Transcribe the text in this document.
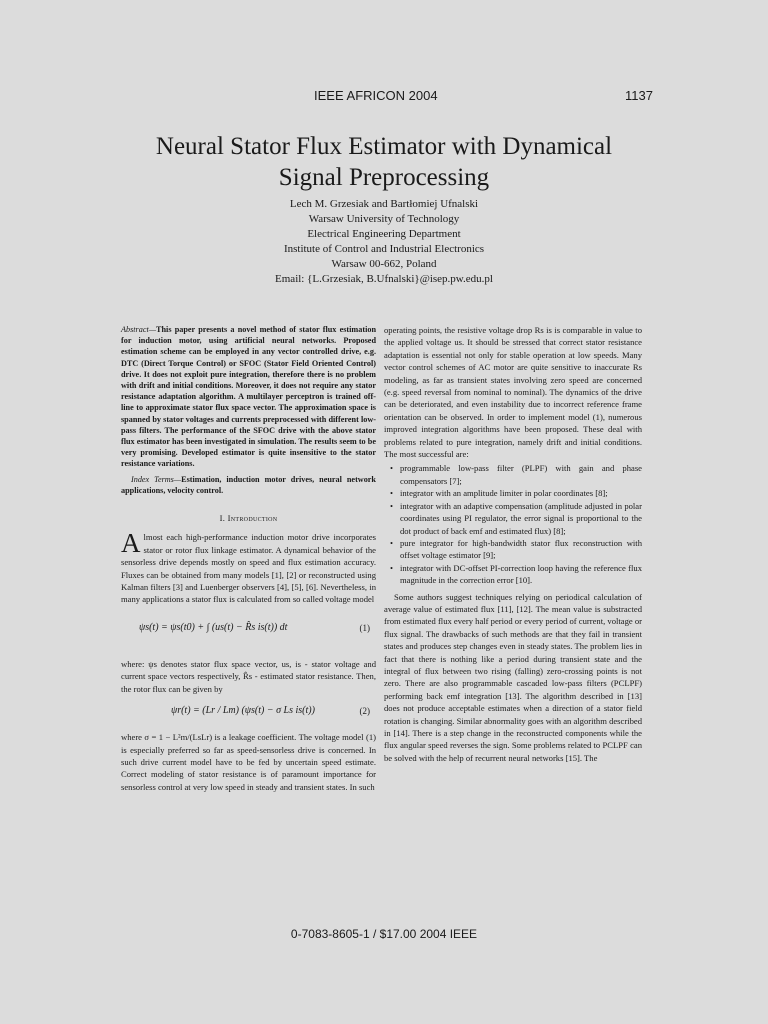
IEEE AFRICON 2004	1137
Neural Stator Flux Estimator with Dynamical
Signal Preprocessing
Lech M. Grzesiak and Bartłomiej Ufnalski
Warsaw University of Technology
Electrical Engineering Department
Institute of Control and Industrial Electronics
Warsaw 00-662, Poland
Email: {L.Grzesiak, B.Ufnalski}@isep.pw.edu.pl

Abstract—This paper presents a novel method of stator flux estimation for induction motor, using artificial neural networks. Proposed estimation scheme can be employed in any vector controlled drive, e.g. DTC (Direct Torque Control) or SFOC (Stator Field Oriented Control) drive. It does not exploit pure integration, therefore there is no problem with drift and initial conditions. Moreover, it does not require any stator resistance adaptation algorithm. A multilayer perceptron is trained off-line to approximate stator flux space vector. The approximation space is spanned by stator voltages and currents preprocessed with different low-pass filters. The performance of the SFOC drive with the above stator flux estimator has been investigated in simulation. The results seem to be very promising. Developed estimator is quite insensitive to the stator resistance variations.

Index Terms—Estimation, induction motor drives, neural network applications, velocity control.

I. Introduction

Almost each high-performance induction motor drive incorporates stator or rotor flux linkage estimator. A dynamical behavior of the sensorless drive depends mostly on speed and flux estimation accuracy. Fluxes can be obtained from many models [1], [2] or reconstructed using Kalman filters [3] and Luenberger observers [4], [5], [6]. Nevertheless, in many applications a stator flux is calculated from so called voltage model

ψs(t) = ψs(t0) + ∫ (us(t) − R̂s is(t)) dt	(1)

where: ψs denotes stator flux space vector, us, is - stator voltage and current space vectors respectively, R̂s - estimated stator resistance. Then, the rotor flux can be given by

ψr(t) = (Lr / Lm) (ψs(t) − σ Ls is(t))	(2)

where σ = 1 − L²m/(LsLr) is a leakage coefficient. The voltage model (1) is especially preferred so far as speed-sensorless drive is concerned. In such drive current model have to be fed by uncertain speed estimate. Correct modeling of stator resistance is of paramount importance for sensorless control at very low speed in steady and transient states. In such

operating points, the resistive voltage drop Rs is is comparable in value to the applied voltage us. It should be stressed that correct stator resistance adaptation is essential not only for stable operation at low speeds. Many vector control schemes of AC motor are quite sensitive to inaccurate Rs modeling, as far as transient states involving zero speed are concerned (e.g. speed reversal from nominal to nominal). The dynamics of the drive can be deteriorated, and even instability due to incorrect reference frame orientation can be observed. In order to implement model (1), numerous improved integration algorithms have been proposed. These deal with problems related to pure integration, namely drift and initial conditions. The most successful are:

• programmable low-pass filter (PLPF) with gain and phase compensators [7];
• integrator with an amplitude limiter in polar coordinates [8];
• integrator with an adaptive compensation (amplitude adjusted in polar coordinates using PI regulator, the error signal is proportional to the dot product of back emf and estimated flux) [8];
• pure integrator for high-bandwidth stator flux reconstruction with offset voltage estimator [9];
• integrator with DC-offset PI-correction loop having the reference flux magnitude in the correction error [10].

Some authors suggest techniques relying on periodical calculation of average value of estimated flux [11], [12]. The mean value is substracted from estimated flux every half period or every period of current, voltage or flux signal. The drawbacks of such methods are that they fail in transient states and produces step changes even in steady states. The problem lies in fact that there is nothing like a period during transient state and the integral of flux between two rising (falling) zero-crossing points is not zero. There are also programmable cascaded low-pass filters (PCLPF) performing back emf integration [13]. The algorithm described in [13] does not produce acceptable estimates when a direction of a stator field rotation is changing. Similar abnormality goes with an algorithm described in [14]. There is a step change in the reconstructed components while the flux angular speed reverses the sign. Some problems related to PCLPF can be solved with the help of recurrent neural networks [15]. The

0-7083-8605-1 / $17.00 2004 IEEE
